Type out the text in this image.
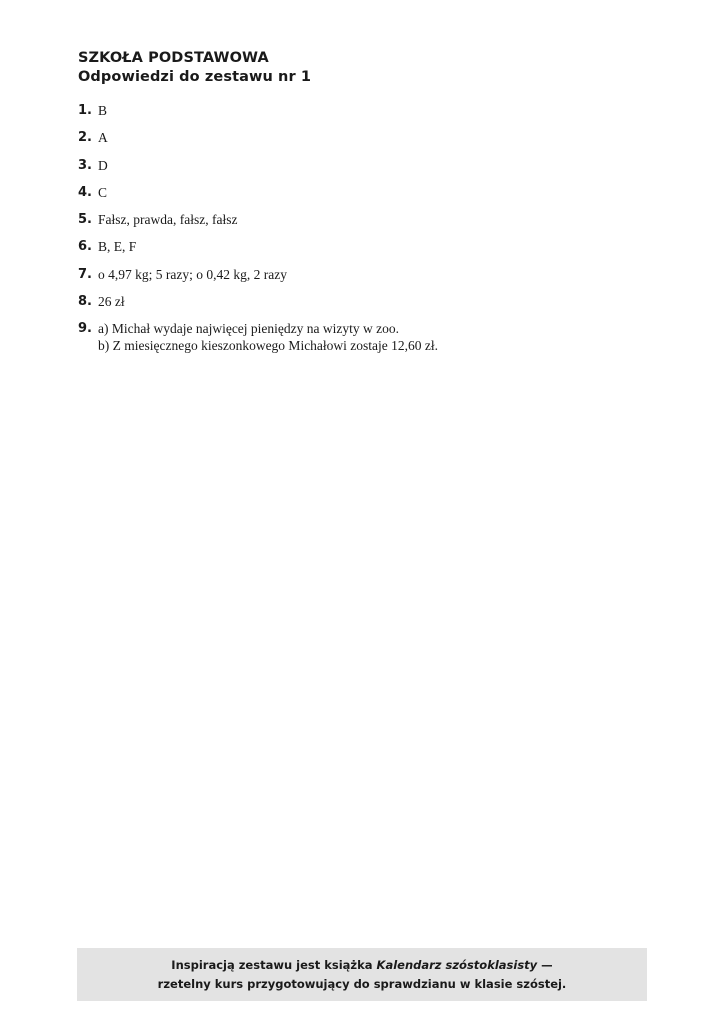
SZKOŁA PODSTAWOWA
Odpowiedzi do zestawu nr 1
1. B
2. A
3. D
4. C
5. Fałsz, prawda, fałsz, fałsz
6. B, E, F
7. o 4,97 kg; 5 razy; o 0,42 kg, 2 razy
8. 26 zł
9. a) Michał wydaje najwięcej pieniędzy na wizyty w zoo.
b) Z miesięcznego kieszonkowego Michałowi zostaje 12,60 zł.
Inspiracją zestawu jest książka Kalendarz szóstoklasisty —
rzetelny kurs przygotowujący do sprawdzianu w klasie szóstej.
